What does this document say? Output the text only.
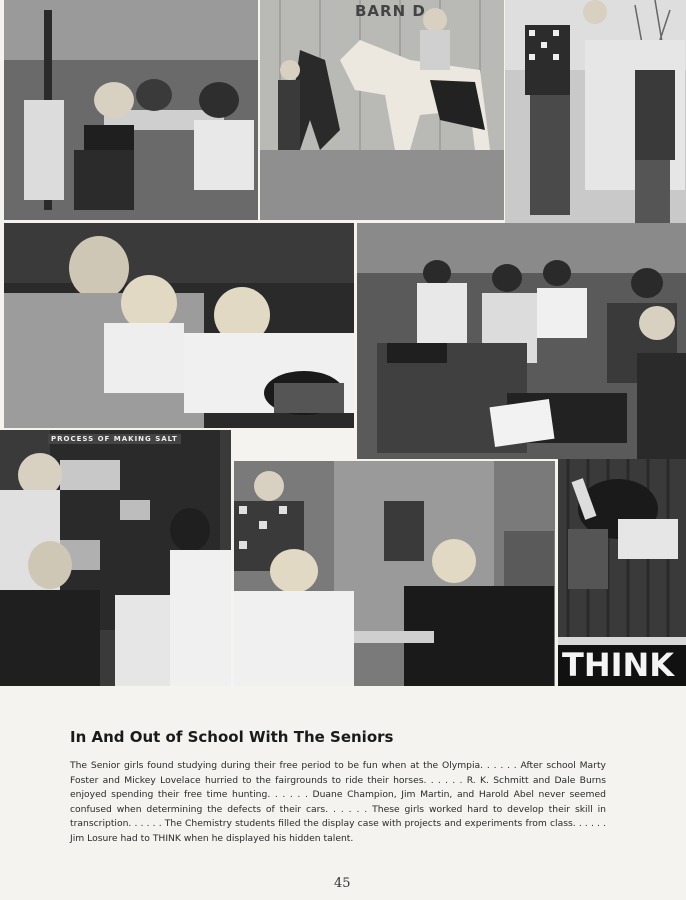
BARN D
PROCESS OF MAKING SALT
THINK
In And Out of School With The Seniors

The Senior girls found studying during their free period to be fun when at the Olympia. . . . . . After school Marty Foster and Mickey Lovelace hurried to the fairgrounds to ride their horses. . . . . . R. K. Schmitt and Dale Burns enjoyed spending their free time hunting. . . . . . Duane Champion, Jim Martin, and Harold Abel never seemed confused when determining the defects of their cars. . . . . . These girls worked hard to develop their skill in transcription. . . . . . The Chemistry students filled the display case with projects and experiments from class. . . . . . Jim Losure had to THINK when he displayed his hidden talent.

45
